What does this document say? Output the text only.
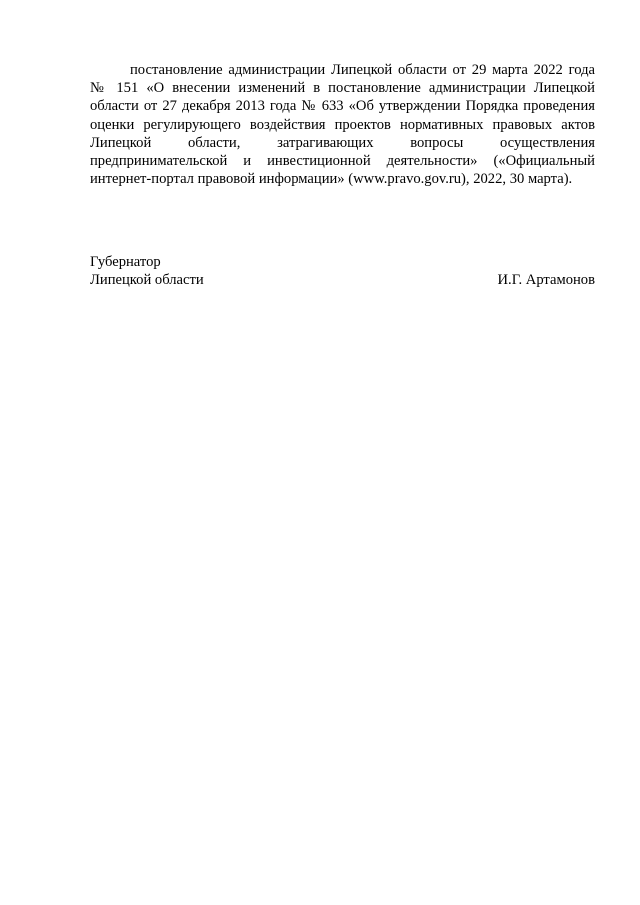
постановление администрации Липецкой области от 29 марта 2022 года № 151 «О внесении изменений в постановление администрации Липецкой области от 27 декабря 2013 года № 633 «Об утверждении Порядка проведения оценки регулирующего воздействия проектов нормативных правовых актов Липецкой области, затрагивающих вопросы осуществления предпринимательской и инвестиционной деятельности» («Официальный интернет-портал правовой информации» (www.pravo.gov.ru), 2022, 30 марта).

Губернатор
Липецкой области	И.Г. Артамонов
